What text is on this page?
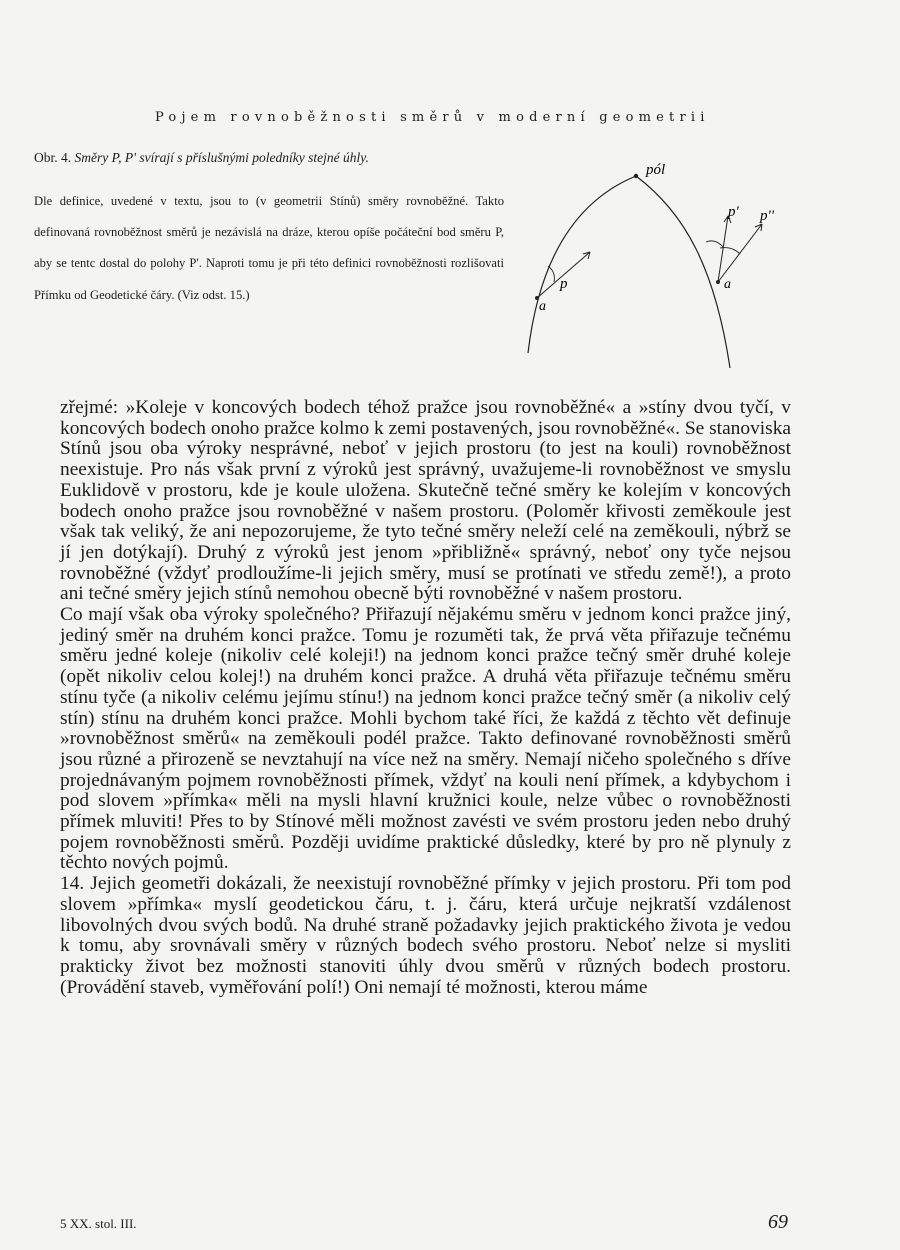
Pojem rovnoběžnosti směrů v moderní geometrii

Obr. 4. Směry P, P' svírají s příslušnými poledníky stejné úhly.

Dle definice, uvedené v textu, jsou to (v geometrii Stínů) směry rovnoběžné. Takto definovaná rovnoběžnost směrů je nezávislá na dráze, kterou opíše počáteční bod směru P, aby se tentc dostal do polohy P'. Naproti tomu je při této definici rovnoběžnosti rozlišovati Přímku od Geodetické čáry. (Viz odst. 15.)

pól
p
a
p' p''
a

zřejmé: »Koleje v koncových bodech téhož pražce jsou rovnoběžné« a »stíny dvou tyčí, v koncových bodech onoho pražce kolmo k zemi postavených, jsou rovnoběžné«. Se stanoviska Stínů jsou oba výroky nesprávné, neboť v jejich prostoru (to jest na kouli) rovnoběžnost neexistuje. Pro nás však první z výroků jest správný, uvažujeme-li rovnoběžnost ve smyslu Euklidově v prostoru, kde je koule uložena. Skutečně tečné směry ke kolejím v koncových bodech onoho pražce jsou rovnoběžné v našem prostoru. (Poloměr křivosti zeměkoule jest však tak veliký, že ani nepozorujeme, že tyto tečné směry neleží celé na zeměkouli, nýbrž se jí jen dotýkají). Druhý z výroků jest jenom »přibližně« správný, neboť ony tyče nejsou rovnoběžné (vždyť prodloužíme-li jejich směry, musí se protínati ve středu země!), a proto ani tečné směry jejich stínů nemohou obecně býti rovnoběžné v našem prostoru.

Co mají však oba výroky společného? Přiřazují nějakému směru v jednom konci pražce jiný, jediný směr na druhém konci pražce. Tomu je rozuměti tak, že prvá věta přiřazuje tečnému směru jedné koleje (nikoliv celé koleji!) na jednom konci pražce tečný směr druhé koleje (opět nikoliv celou kolej!) na druhém konci pražce. A druhá věta přiřazuje tečnému směru stínu tyče (a nikoliv celému jejímu stínu!) na jednom konci pražce tečný směr (a nikoliv celý stín) stínu na druhém konci pražce. Mohli bychom také říci, že každá z těchto vět definuje »rovnoběžnost směrů« na zeměkouli podél pražce. Takto definované rovnoběžnosti směrů jsou různé a přirozeně se nevztahují na více než na směry. Nemají ničeho společného s dříve projednávaným pojmem rovnoběžnosti přímek, vždyť na kouli není přímek, a kdybychom i pod slovem »přímka« měli na mysli hlavní kružnici koule, nelze vůbec o rovnoběžnosti přímek mluviti! Přes to by Stínové měli možnost zavésti ve svém prostoru jeden nebo druhý pojem rovnoběžnosti směrů. Později uvidíme praktické důsledky, které by pro ně plynuly z těchto nových pojmů.

14. Jejich geometři dokázali, že neexistují rovnoběžné přímky v jejich prostoru. Při tom pod slovem »přímka« myslí geodetickou čáru, t. j. čáru, která určuje nejkratší vzdálenost libovolných dvou svých bodů. Na druhé straně požadavky jejich praktického života je vedou k tomu, aby srovnávali směry v různých bodech svého prostoru. Neboť nelze si mysliti prakticky život bez možnosti stanoviti úhly dvou směrů v různých bodech prostoru. (Provádění staveb, vyměřování polí!) Oni nemají té možnosti, kterou máme

5 XX. stol. III.	69
